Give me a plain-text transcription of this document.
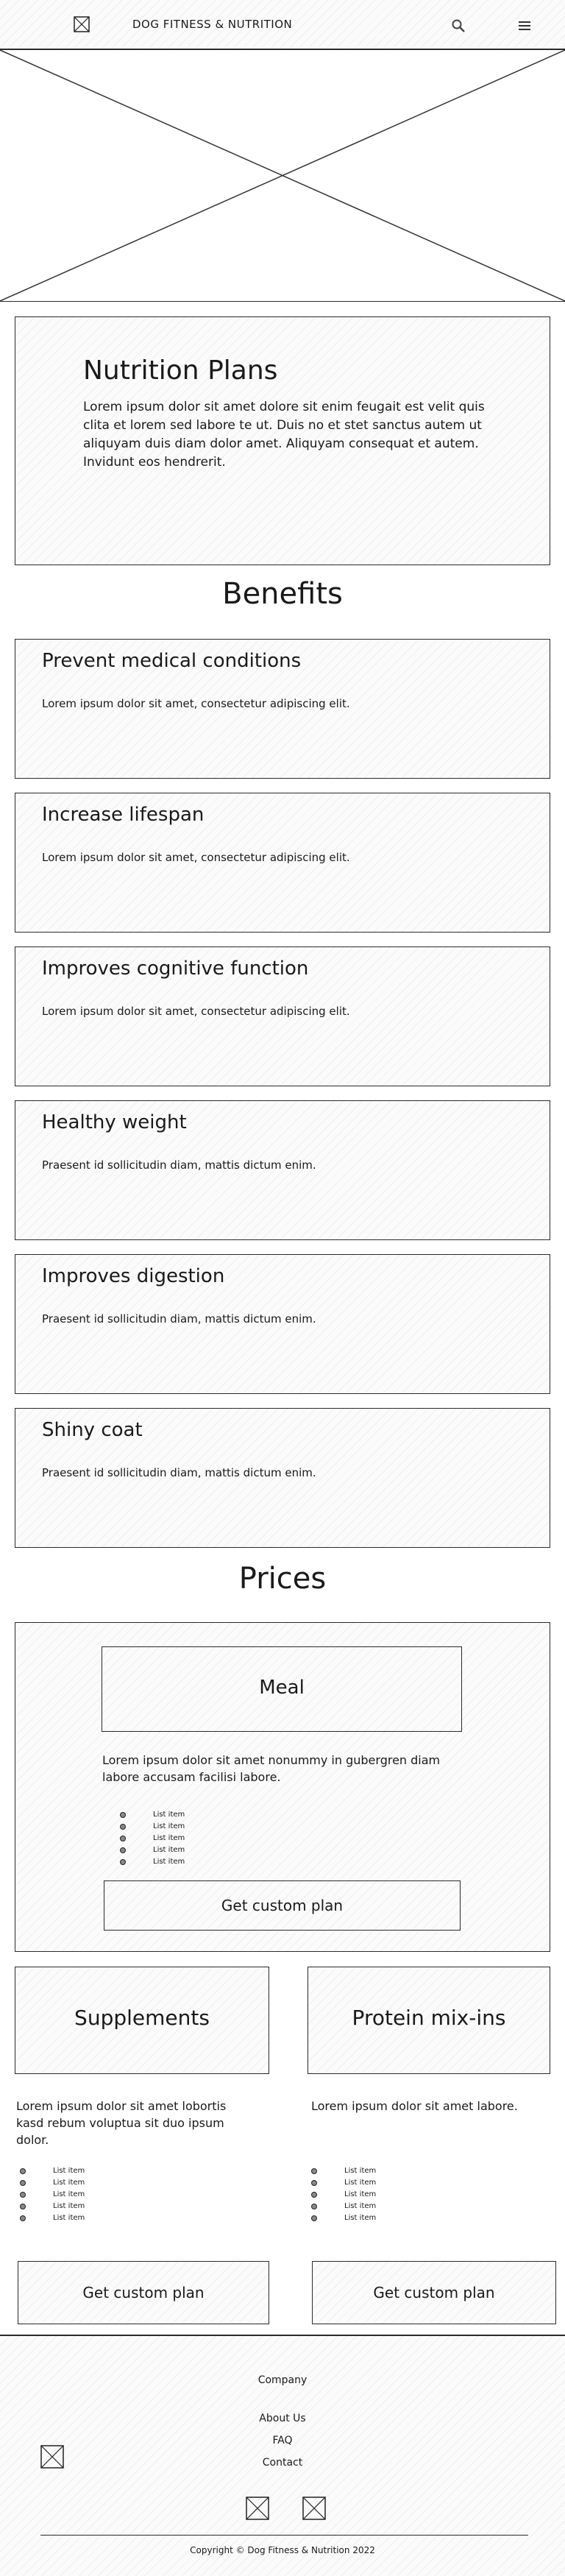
DOG FITNESS & NUTRITION
Nutrition Plans

Lorem ipsum dolor sit amet dolore sit enim feugait est velit quis clita et lorem sed labore te ut. Duis no et stet sanctus autem ut aliquyam duis diam dolor amet. Aliquyam consequat et autem. Invidunt eos hendrerit.

Benefits
Prevent medical conditions

Lorem ipsum dolor sit amet, consectetur adipiscing elit.

Increase lifespan

Lorem ipsum dolor sit amet, consectetur adipiscing elit.

Improves cognitive function

Lorem ipsum dolor sit amet, consectetur adipiscing elit.

Healthy weight

Praesent id sollicitudin diam, mattis dictum enim.

Improves digestion

Praesent id sollicitudin diam, mattis dictum enim.

Shiny coat

Praesent id sollicitudin diam, mattis dictum enim.

Prices
Meal

Lorem ipsum dolor sit amet nonummy in gubergren diam labore accusam facilisi labore.

List item
List item
List item
List item
List item
Get custom plan
Supplements	Protein mix-ins

Lorem ipsum dolor sit amet lobortis kasd rebum voluptua sit duo ipsum dolor.

Lorem ipsum dolor sit amet labore.

List item
List item
List item
List item
List item
List item
List item
List item
List item
List item
Get custom plan	Get custom plan
Company
About Us
FAQ
Contact
Copyright © Dog Fitness & Nutrition 2022
